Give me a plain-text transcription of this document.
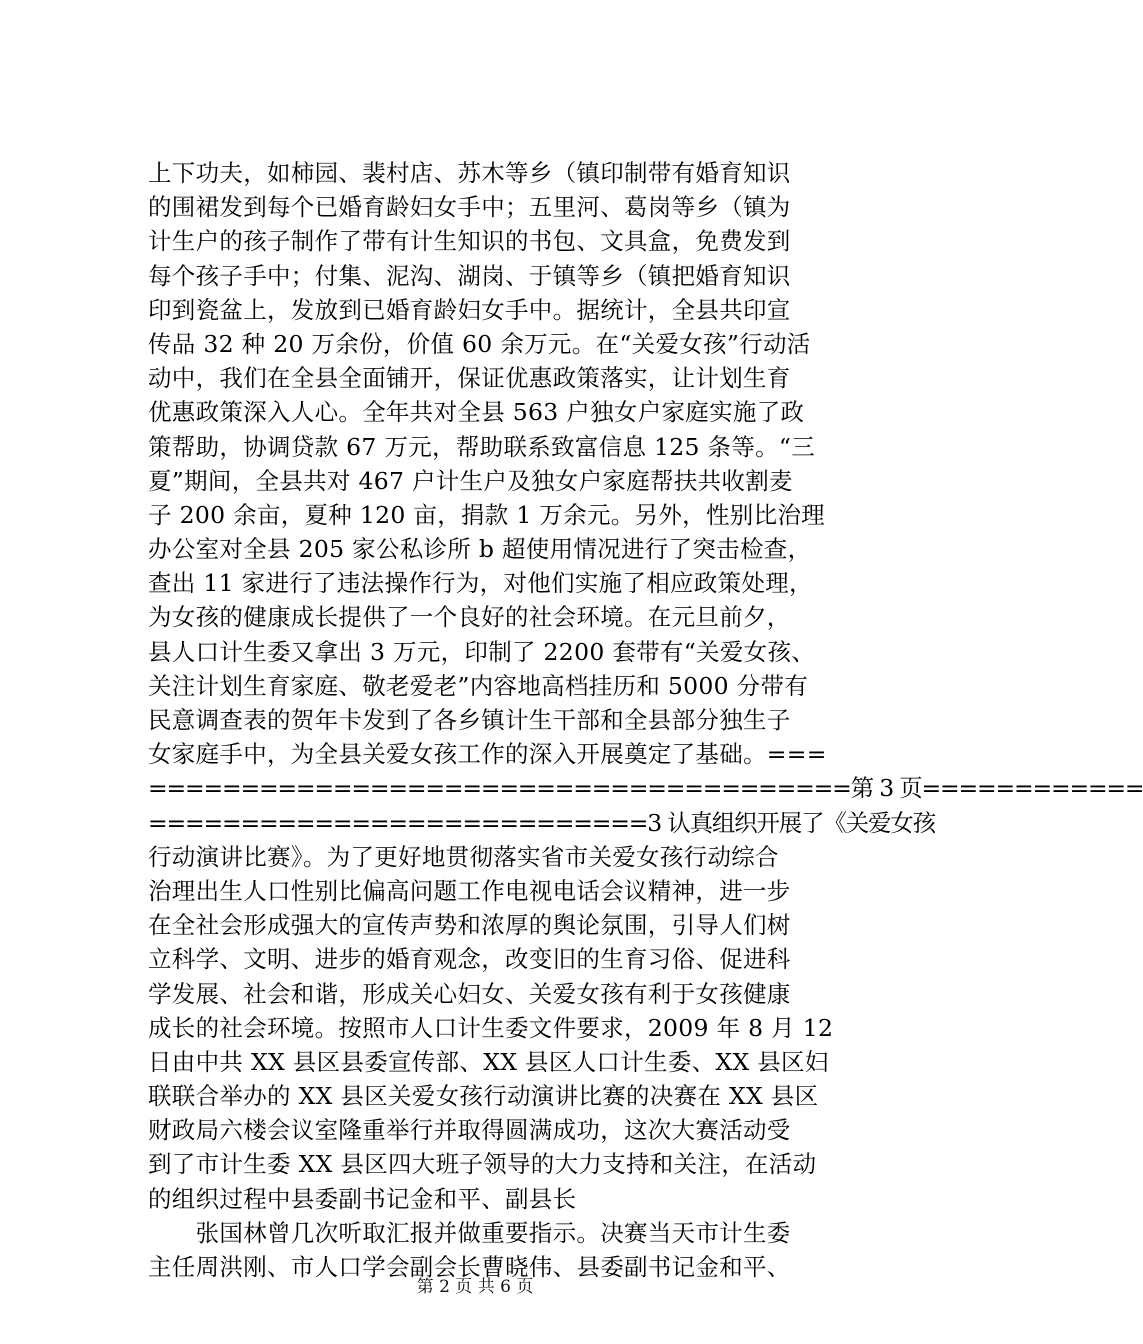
上下功夫，如柿园、裴村店、苏木等乡（镇印制带有婚育知识
的围裙发到每个已婚育龄妇女手中；五里河、葛岗等乡（镇为
计生户的孩子制作了带有计生知识的书包、文具盒，免费发到
每个孩子手中；付集、泥沟、湖岗、于镇等乡（镇把婚育知识
印到瓷盆上，发放到已婚育龄妇女手中。据统计，全县共印宣
传品 32 种 20 万余份，价值 60 余万元。在“关爱女孩”行动活
动中，我们在全县全面铺开，保证优惠政策落实，让计划生育
优惠政策深入人心。全年共对全县 563 户独女户家庭实施了政
策帮助，协调贷款 67 万元，帮助联系致富信息 125 条等。“三
夏”期间，全县共对 467 户计生户及独女户家庭帮扶共收割麦
子 200 余亩，夏种 120 亩，捐款 1 万余元。另外，性别比治理
办公室对全县 205 家公私诊所 b 超使用情况进行了突击检查，
查出 11 家进行了违法操作行为，对他们实施了相应政策处理，
为女孩的健康成长提供了一个良好的社会环境。在元旦前夕，
县人口计生委又拿出 3 万元，印制了 2200 套带有“关爱女孩、
关注计划生育家庭、敬老爱老”内容地高档挂历和 5000 分带有
民意调查表的贺年卡发到了各乡镇计生干部和全县部分独生子
女家庭手中，为全县关爱女孩工作的深入开展奠定了基础。===
======================================第 3 页============
===========================3 认真组织开展了《关爱女孩
行动演讲比赛》。为了更好地贯彻落实省市关爱女孩行动综合
治理出生人口性别比偏高问题工作电视电话会议精神，进一步
在全社会形成强大的宣传声势和浓厚的舆论氛围，引导人们树
立科学、文明、进步的婚育观念，改变旧的生育习俗、促进科
学发展、社会和谐，形成关心妇女、关爱女孩有利于女孩健康
成长的社会环境。按照市人口计生委文件要求，2009 年 8 月 12
日由中共 XX 县区县委宣传部、XX 县区人口计生委、XX 县区妇
联联合举办的 XX 县区关爱女孩行动演讲比赛的决赛在 XX 县区
财政局六楼会议室隆重举行并取得圆满成功，这次大赛活动受
到了市计生委 XX 县区四大班子领导的大力支持和关注，在活动
的组织过程中县委副书记金和平、副县长
　　张国林曾几次听取汇报并做重要指示。决赛当天市计生委
主任周洪刚、市人口学会副会长曹晓伟、县委副书记金和平、
第 2 页 共 6 页
